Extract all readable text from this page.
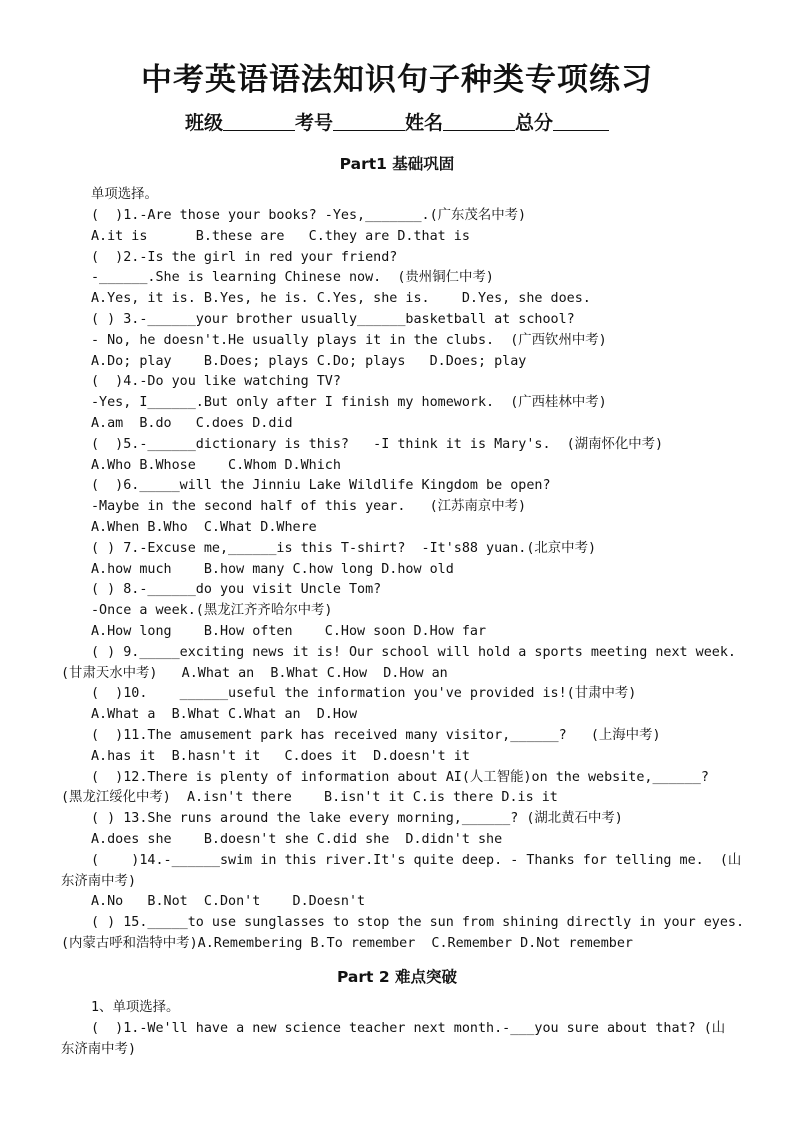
中考英语语法知识句子种类专项练习
班级	考号	姓名	总分
Part1 基础巩固
单项选择。
(  )1.-Are those your books? -Yes,_______.(广东茂名中考)
A.it is      B.these are   C.they are D.that is
(  )2.-Is the girl in red your friend?
-______.She is learning Chinese now.  (贵州铜仁中考)
A.Yes, it is. B.Yes, he is. C.Yes, she is.    D.Yes, she does.
( ) 3.-______your brother usually______basketball at school?
- No, he doesn't.He usually plays it in the clubs.  (广西钦州中考)
A.Do; play    B.Does; plays C.Do; plays   D.Does; play
(  )4.-Do you like watching TV?
-Yes, I______.But only after I finish my homework.  (广西桂林中考)
A.am  B.do   C.does D.did
(  )5.-______dictionary is this?   -I think it is Mary's.  (湖南怀化中考)
A.Who B.Whose    C.Whom D.Which
(  )6._____will the Jinniu Lake Wildlife Kingdom be open?
-Maybe in the second half of this year.   (江苏南京中考)
A.When B.Who  C.What D.Where
( ) 7.-Excuse me,______is this T-shirt?  -It's88 yuan.(北京中考)
A.how much    B.how many C.how long D.how old
( ) 8.-______do you visit Uncle Tom?
-Once a week.(黑龙江齐齐哈尔中考)
A.How long    B.How often    C.How soon D.How far
( ) 9._____exciting news it is! Our school will hold a sports meeting next week.
(甘肃天水中考)   A.What an  B.What C.How  D.How an
(  )10.    ______useful the information you've provided is!(甘肃中考)
A.What a  B.What C.What an  D.How
(  )11.The amusement park has received many visitor,______?   (上海中考)
A.has it  B.hasn't it   C.does it  D.doesn't it
(  )12.There is plenty of information about AI(人工智能)on the website,______?
(黑龙江绥化中考)  A.isn't there    B.isn't it C.is there D.is it
( ) 13.She runs around the lake every morning,______? (湖北黄石中考)
A.does she    B.doesn't she C.did she  D.didn't she
(    )14.-______swim in this river.It's quite deep. - Thanks for telling me.  (山
东济南中考)
A.No   B.Not  C.Don't    D.Doesn't
( ) 15._____to use sunglasses to stop the sun from shining directly in your eyes.
(内蒙古呼和浩特中考)A.Remembering B.To remember  C.Remember D.Not remember
Part 2 难点突破
1、单项选择。
(  )1.-We'll have a new science teacher next month.-___you sure about that? (山
东济南中考)
